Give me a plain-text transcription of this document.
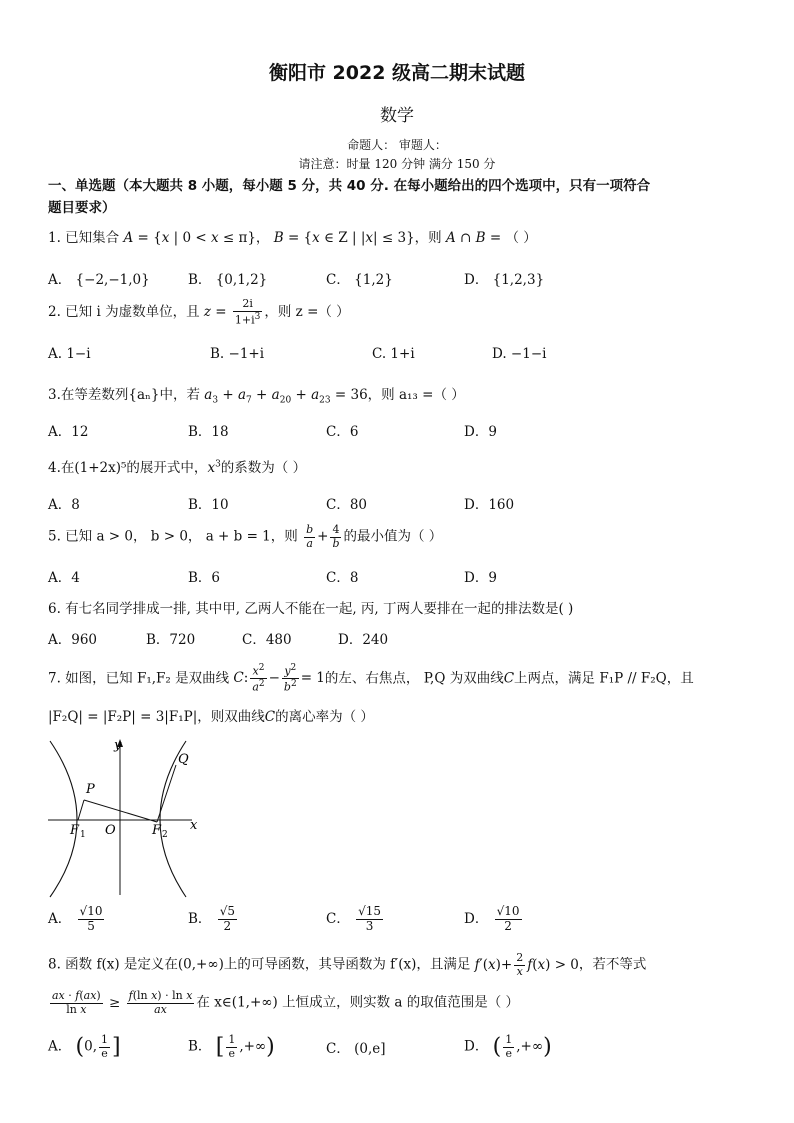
衡阳市 2022 级高二期末试题
数学
命题人： 审题人：
请注意：时量 120 分钟 满分 150 分
一、单选题（本大题共 8 小题，每小题 5 分，共 40 分. 在每小题给出的四个选项中，只有一项符合
题目要求）
1. 已知集合 A = {x | 0 < x ≤ π}， B = {x ∈ Z | |x| ≤ 3}，则 A ∩ B = （ ）
A． {−2,−1,0}	B． {0,1,2}	C． {1,2}	D． {1,2,3}
2. 已知 i 为虚数单位，且 $z = \frac{2i}{1+i^3}$ ，则 z =（ ）
A. 1−i	B. −1+i	C. 1+i	D. −1−i
3.在等差数列{aₙ}中，若 $a_3 + a_7 + a_{20} + a_{23} = 36$，则 a₁₃ =（ ）
A．12	B．18	C．6	D．9
4.在(1+2x)⁵的展开式中，$x^3$的系数为（ ）
A．8	B．10	C．80	D．160
5. 已知 a > 0， b > 0， a + b = 1，则 $\frac{b}{a} + \frac{4}{b}$ 的最小值为（ ）
A．4	B．6	C．8	D．9
6. 有七名同学排成一排, 其中甲, 乙两人不能在一起, 丙, 丁两人要排在一起的排法数是( )
A．960	B．720	C．480	D．240
7. 如图，已知 F₁,F₂ 是双曲线 C: $\frac{x^2}{a^2} - \frac{y^2}{b^2} = 1$的左、右焦点， P,Q 为双曲线C上两点，满足 F₁P // F₂Q，且
|F₂Q| = |F₂P| = 3|F₁P|，则双曲线C的离心率为（ ）
y
x
P
Q
F 1 O	F 2
A． $\frac{√10}{5}$	B． $\frac{√5}{2}$	C． $\frac{√15}{3}$	D． $\frac{√10}{2}$
8. 函数 f(x) 是定义在(0,+∞)上的可导函数，其导函数为 f′(x)，且满足 $f'(x)+ \frac{2}{x} f(x) > 0$，若不等式
$\frac{ax \cdot f(ax)}{\text{ln x}} \ge \frac{\text{f(ln x) · ln x}}{ax}$ 在 x∈(1,+∞) 上恒成立，则实数 a 的取值范围是（ ）
A． (0, $\frac{1}{e}$ ]	B． [ $\frac{1}{e}$ ,+∞)	C． (0,e]	D． ( $\frac{1}{e}$ ,+∞)
